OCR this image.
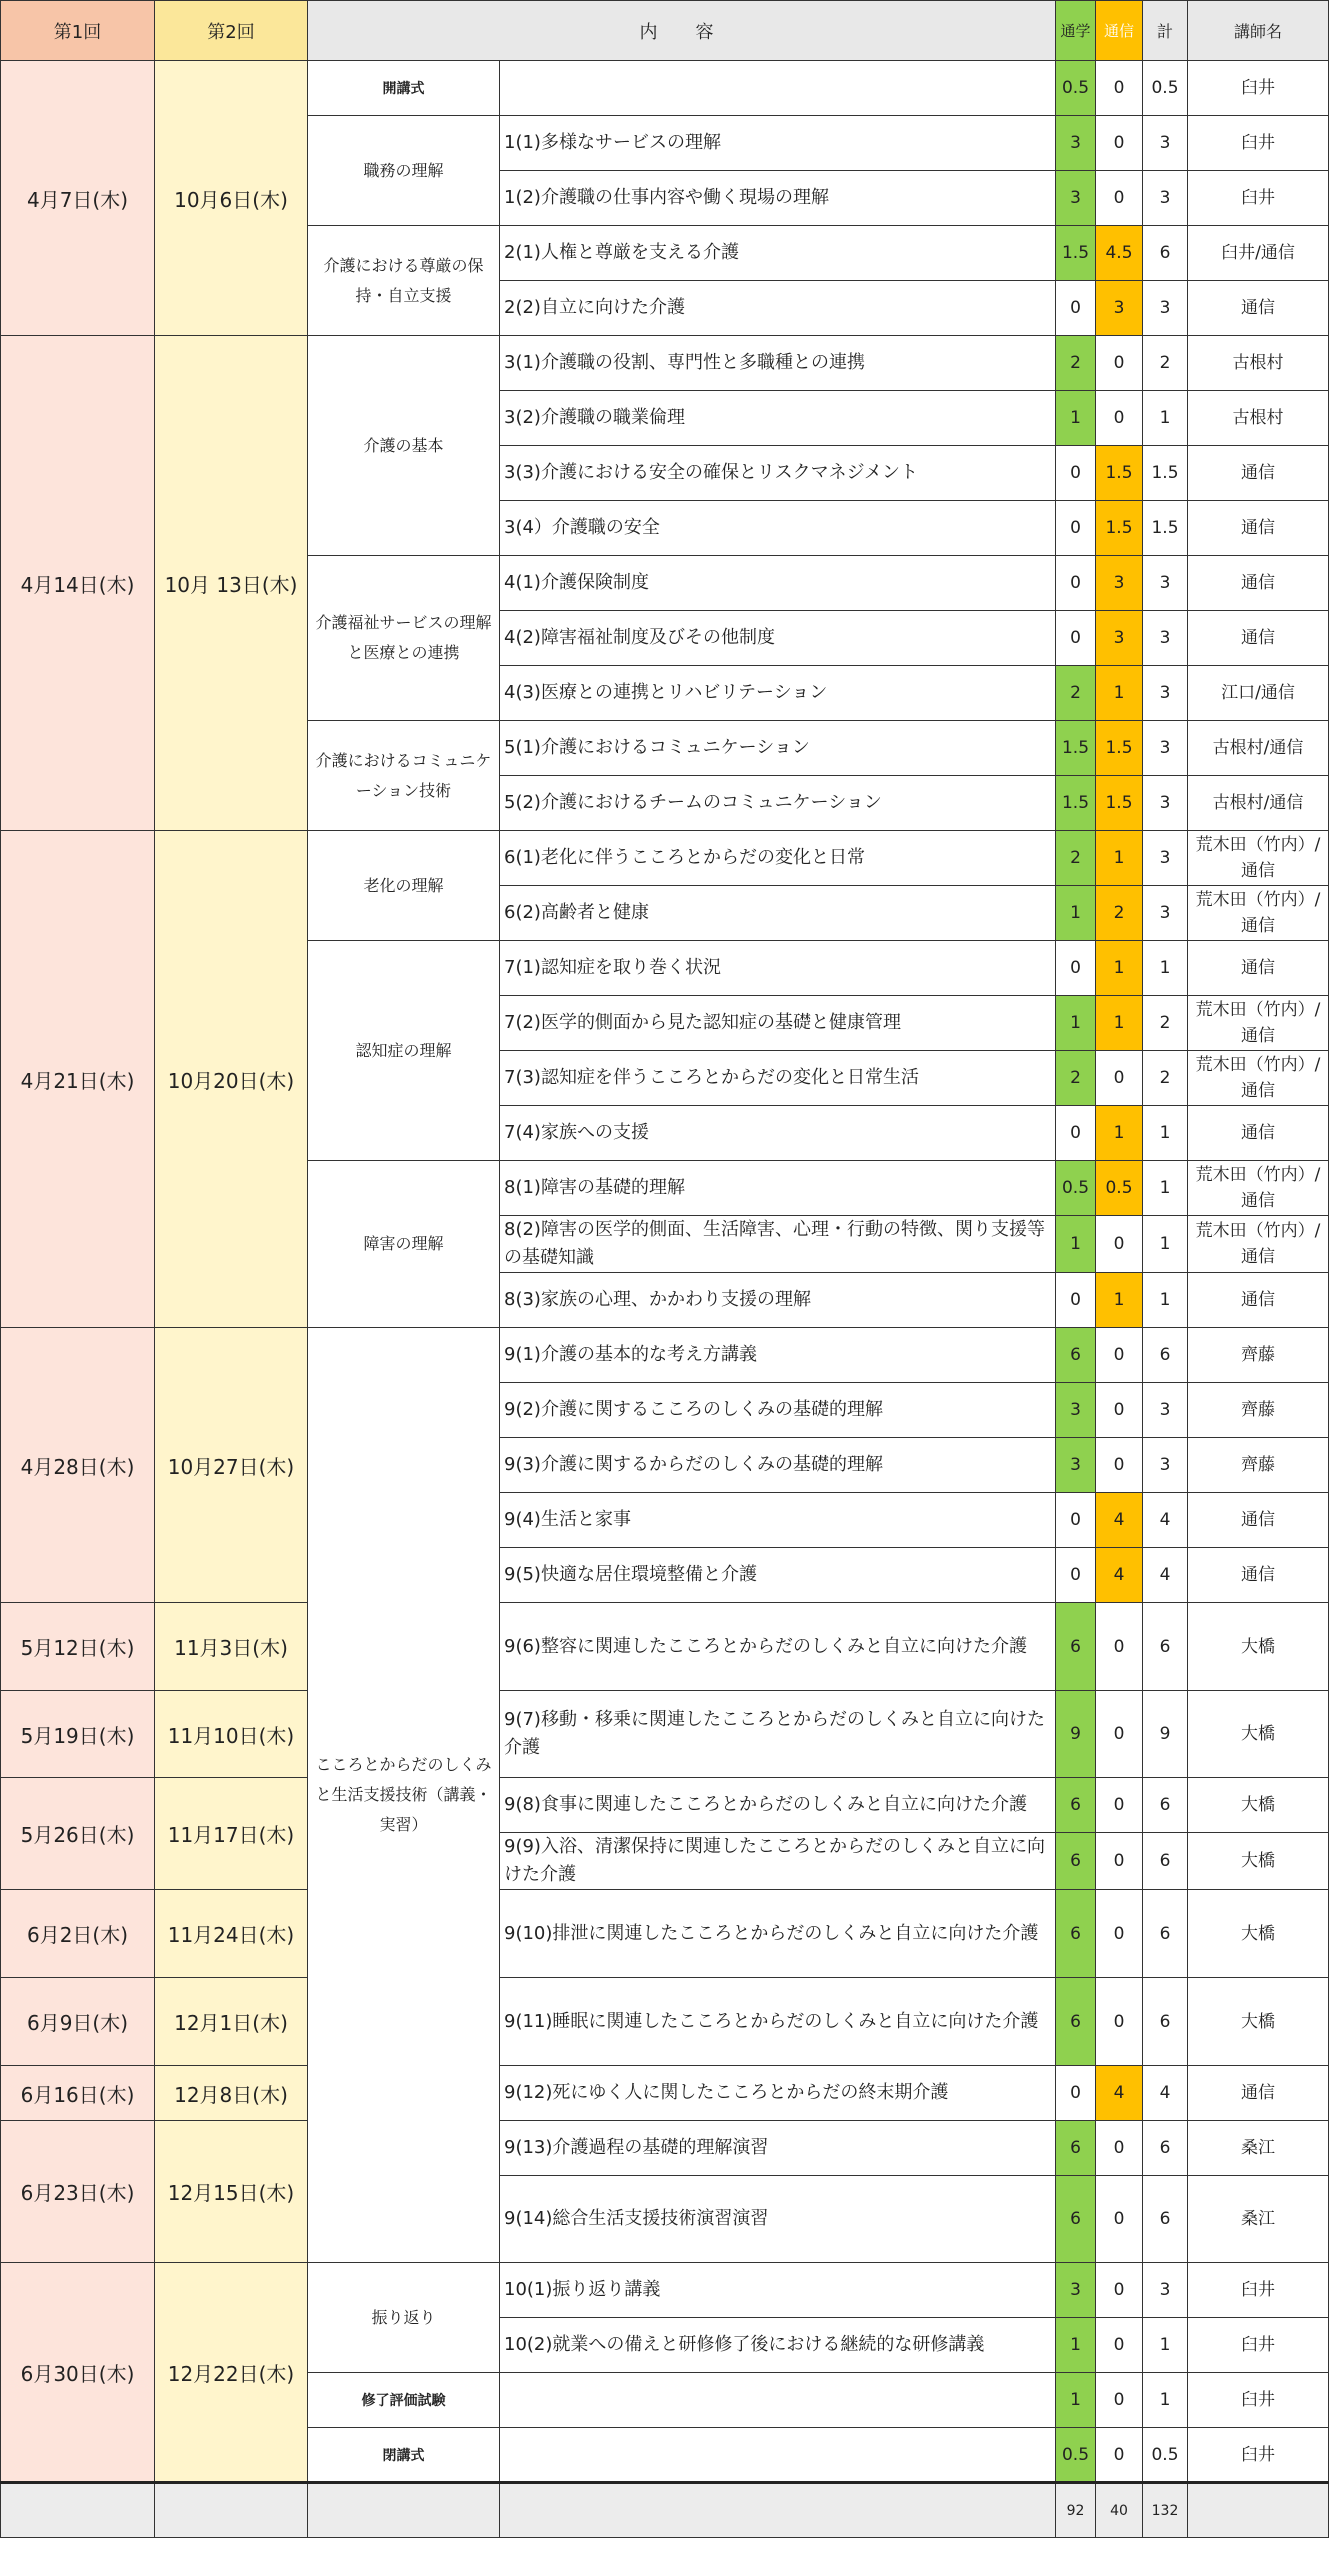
第1回	第2回	内　容		通学	通信	計	講師名
4月7日(木)	10月6日(木)	開講式		0.5	0	0.5	臼井
		職務の理解	1(1)多様なサービスの理解	3	0	3	臼井
			1(2)介護職の仕事内容や働く現場の理解	3	0	3	臼井
		介護における尊厳の保持・自立支援	2(1)人権と尊厳を支える介護	1.5	4.5	6	臼井/通信
			2(2)自立に向けた介護	0	3	3	通信
4月14日(木)	10月 13日(木)	介護の基本	3(1)介護職の役割、専門性と多職種との連携	2	0	2	古根村
			3(2)介護職の職業倫理	1	0	1	古根村
			3(3)介護における安全の確保とリスクマネジメント	0	1.5	1.5	通信
			3(4）介護職の安全	0	1.5	1.5	通信
		介護福祉サービスの理解と医療との連携	4(1)介護保険制度	0	3	3	通信
			4(2)障害福祉制度及びその他制度	0	3	3	通信
			4(3)医療との連携とリハビリテーション	2	1	3	江口/通信
		介護におけるコミュニケーション技術	5(1)介護におけるコミュニケーション	1.5	1.5	3	古根村/通信
			5(2)介護におけるチームのコミュニケーション	1.5	1.5	3	古根村/通信
4月21日(木)	10月20日(木)	老化の理解	6(1)老化に伴うこころとからだの変化と日常	2	1	3	荒木田（竹内）/通信
			6(2)高齢者と健康	1	2	3	荒木田（竹内）/通信
		認知症の理解	7(1)認知症を取り巻く状況	0	1	1	通信
			7(2)医学的側面から見た認知症の基礎と健康管理	1	1	2	荒木田（竹内）/通信
			7(3)認知症を伴うこころとからだの変化と日常生活	2	0	2	荒木田（竹内）/通信
			7(4)家族への支援	0	1	1	通信
		障害の理解	8(1)障害の基礎的理解	0.5	0.5	1	荒木田（竹内）/通信
			8(2)障害の医学的側面、生活障害、心理・行動の特徴、関り支援等の基礎知識	1	0	1	荒木田（竹内）/通信
			8(3)家族の心理、かかわり支援の理解	0	1	1	通信
4月28日(木)	10月27日(木)	こころとからだのしくみと生活支援技術（講義・実習）	9(1)介護の基本的な考え方講義	6	0	6	齊藤
			9(2)介護に関するこころのしくみの基礎的理解	3	0	3	齊藤
			9(3)介護に関するからだのしくみの基礎的理解	3	0	3	齊藤
			9(4)生活と家事	0	4	4	通信
			9(5)快適な居住環境整備と介護	0	4	4	通信
5月12日(木)	11月3日(木)		9(6)整容に関連したこころとからだのしくみと自立に向けた介護	6	0	6	大橋
5月19日(木)	11月10日(木)		9(7)移動・移乗に関連したこころとからだのしくみと自立に向けた介護	9	0	9	大橋
5月26日(木)	11月17日(木)		9(8)食事に関連したこころとからだのしくみと自立に向けた介護	6	0	6	大橋
			9(9)入浴、清潔保持に関連したこころとからだのしくみと自立に向けた介護	6	0	6	大橋
6月2日(木)	11月24日(木)		9(10)排泄に関連したこころとからだのしくみと自立に向けた介護	6	0	6	大橋
6月9日(木)	12月1日(木)		9(11)睡眠に関連したこころとからだのしくみと自立に向けた介護	6	0	6	大橋
6月16日(木)	12月8日(木)		9(12)死にゆく人に関したこころとからだの終末期介護	0	4	4	通信
6月23日(木)	12月15日(木)		9(13)介護過程の基礎的理解演習	6	0	6	桑江
			9(14)総合生活支援技術演習演習	6	0	6	桑江
6月30日(木)	12月22日(木)	振り返り	10(1)振り返り講義	3	0	3	臼井
			10(2)就業への備えと研修修了後における継続的な研修講義	1	0	1	臼井
		修了評価試験		1	0	1	臼井
		閉講式		0.5	0	0.5	臼井
				92	40	132	
